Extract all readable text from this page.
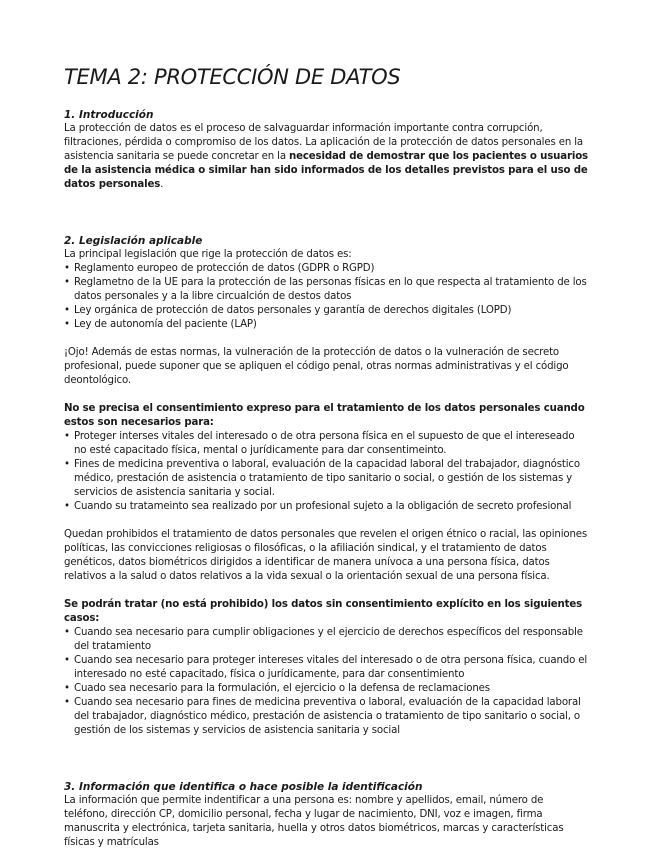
TEMA 2: PROTECCIÓN DE DATOS
1. Introducción

La protección de datos es el proceso de salvaguardar información importante contra corrupción, filtraciones, pérdida o compromiso de los datos. La aplicación de la protección de datos personales en la asistencia sanitaria se puede concretar en la necesidad de demostrar que los pacientes o usuarios de la asistencia médica o similar han sido informados de los detalles previstos para el uso de datos personales.

2. Legislación aplicable

La principal legislación que rige la protección de datos es:

• Reglamento europeo de protección de datos (GDPR o RGPD)
• Reglametno de la UE para la protección de las personas físicas en lo que respecta al tratamiento de los datos personales y a la libre circualción de destos datos
• Ley orgánica de protección de datos personales y garantía de derechos digitales (LOPD)
• Ley de autonomía del paciente (LAP)

¡Ojo! Además de estas normas, la vulneración de la protección de datos o la vulneración de secreto profesional, puede suponer que se apliquen el código penal, otras normas administrativas y el código deontológico.

No se precisa el consentimiento expreso para el tratamiento de los datos personales cuando estos son necesarios para:

• Proteger interses vitales del interesado o de otra persona física en el supuesto de que el intereseado no esté capacitado física, mental o jurídicamente para dar consentimeinto.
• Fines de medicina preventiva o laboral, evaluación de la capacidad laboral del trabajador, diagnóstico médico, prestación de asistencia o tratamiento de tipo sanitario o social, o gestión de los sistemas y servicios de asistencia sanitaria y social.
• Cuando su tratameinto sea realizado por un profesional sujeto a la obligación de secreto profesional

Quedan prohibidos el tratamiento de datos personales que revelen el origen étnico o racial, las opiniones políticas, las convicciones religiosas o filosóficas, o la afiliación sindical, y el tratamiento de datos genéticos, datos biométricos dirigidos a identificar de manera unívoca a una persona física, datos relativos a la salud o datos relativos a la vida sexual o la orientación sexual de una persona física.

Se podrán tratar (no está prohibido) los datos sin consentimiento explícito en los siguientes casos:

• Cuando sea necesario para cumplir obligaciones y el ejercicio de derechos específicos del responsable del tratamiento
• Cuando sea necesario para proteger intereses vitales del interesado o de otra persona física, cuando el interesado no esté capacitado, física o jurídicamente, para dar consentimiento
• Cuado sea necesario para la formulación, el ejercicio o la defensa de reclamaciones
• Cuando sea necesario para fines de medicina preventiva o laboral, evaluación de la capacidad laboral del trabajador, diagnóstico médico, prestación de asistencia o tratamiento de tipo sanitario o social, o gestión de los sistemas y servicios de asistencia sanitaria y social
3. Información que identifica o hace posible la identificación

La información que permite indentificar a una persona es: nombre y apellidos, email, número de teléfono, dirección CP, domicilio personal, fecha y lugar de nacimiento, DNI, voz e imagen, firma manuscrita y electrónica, tarjeta sanitaria, huella y otros datos biométricos, marcas y características físicas y matrículas
